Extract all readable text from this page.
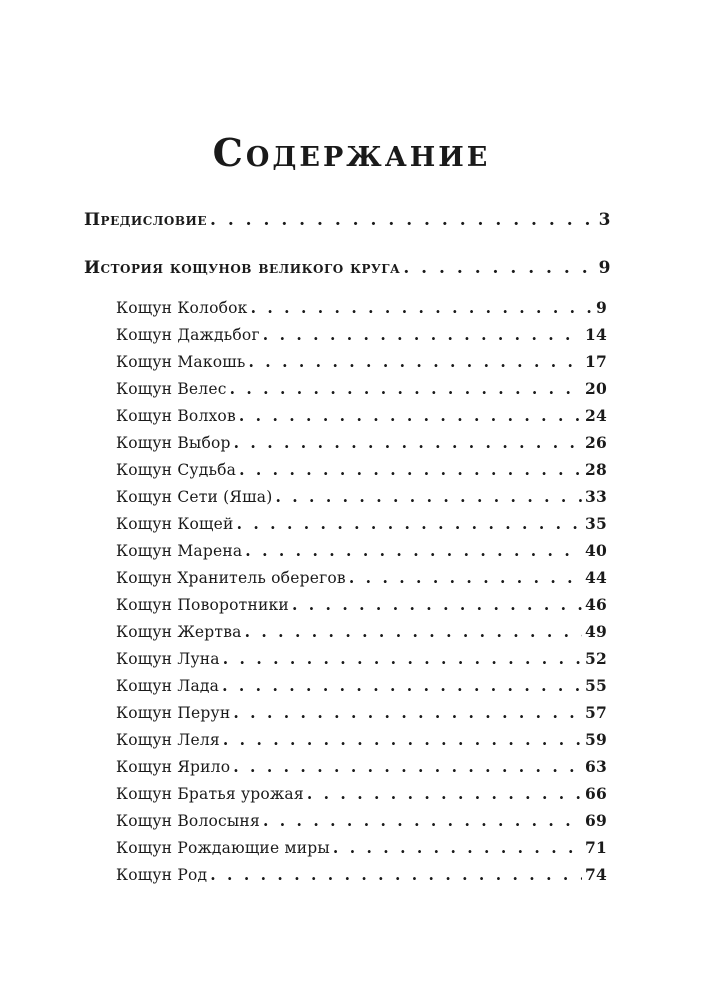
Содержание
Предисловие . . .	3
История кощунов великого круга . . .	9
Кощун Колобок . . .	9
Кощун Даждьбог . . .	14
Кощун Макошь . . .	17
Кощун Велес . . .	20
Кощун Волхов . . .	24
Кощун Выбор . . .	26
Кощун Судьба . . .	28
Кощун Сети (Яша) . . .	33
Кощун Кощей . . .	35
Кощун Марена . . .	40
Кощун Хранитель оберегов . . .	44
Кощун Поворотники . . .	46
Кощун Жертва . . .	49
Кощун Луна . . .	52
Кощун Лада . . .	55
Кощун Перун . . .	57
Кощун Леля . . .	59
Кощун Ярило . . .	63
Кощун Братья урожая . . .	66
Кощун Волосыня . . .	69
Кощун Рождающие миры . . .	71
Кощун Род . . .	74
